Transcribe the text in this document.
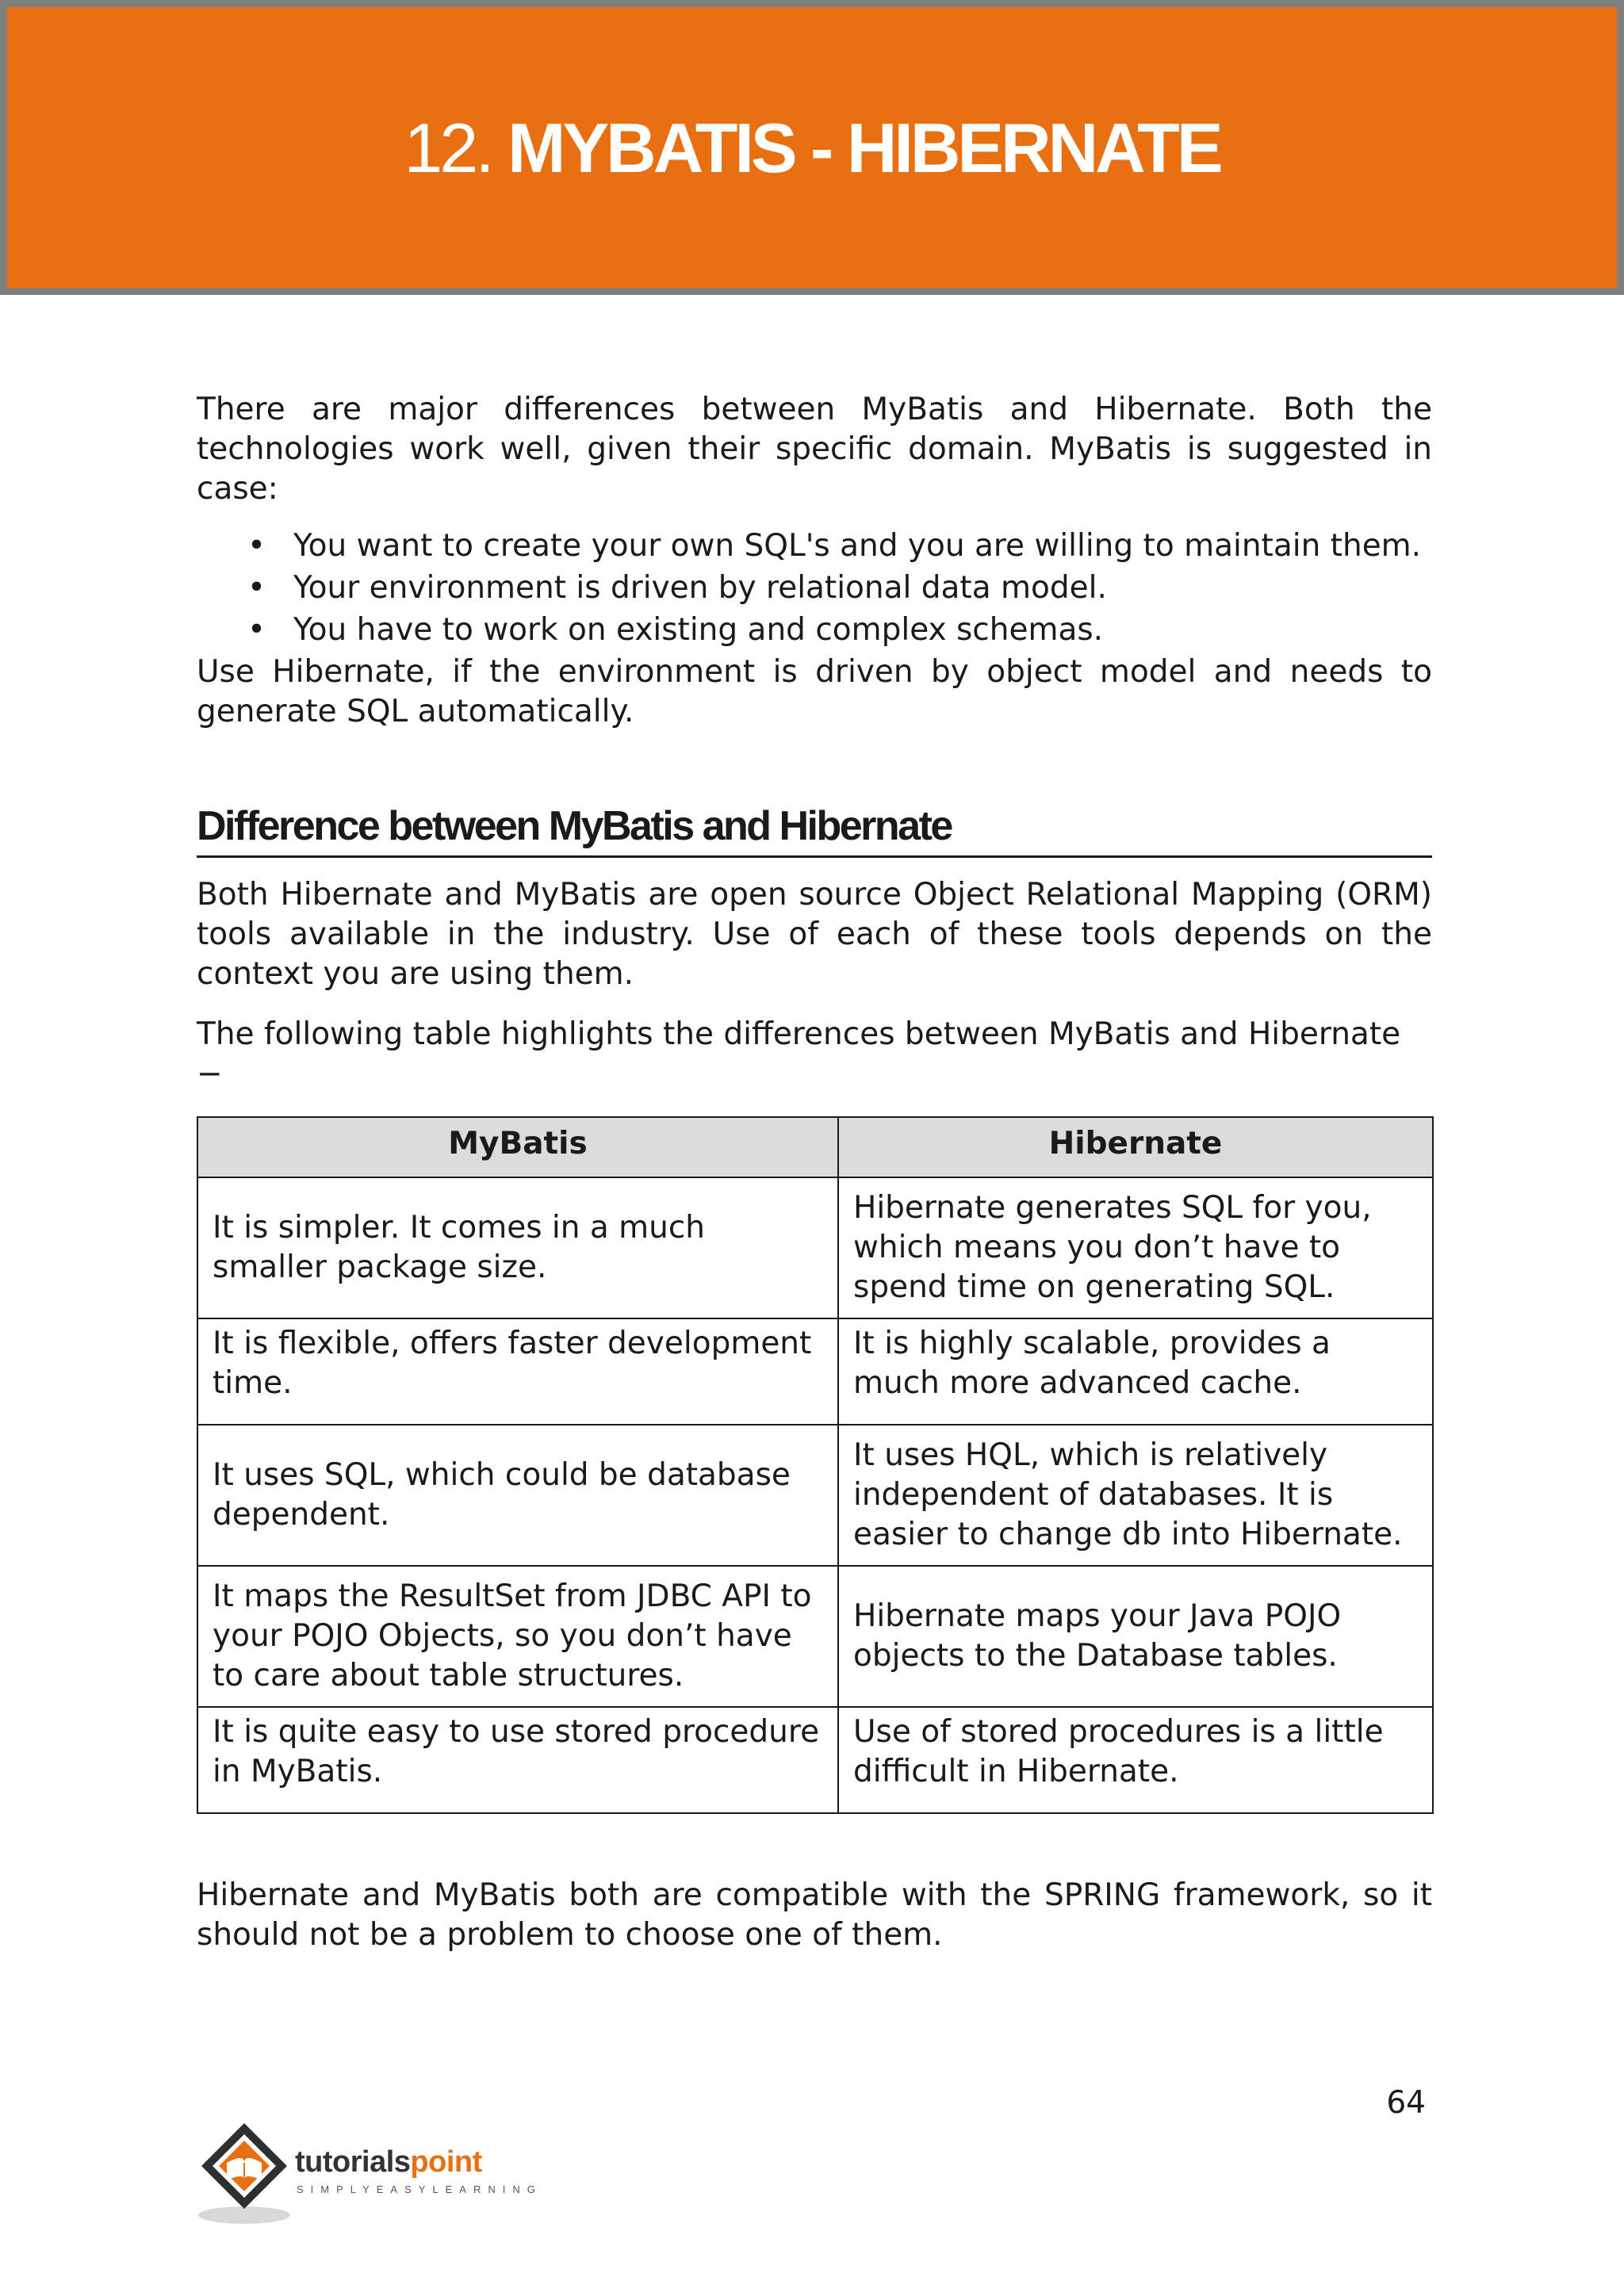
12. MYBATIS - HIBERNATE

There are major differences between MyBatis and Hibernate. Both the technologies work well, given their specific domain. MyBatis is suggested in case:

• You want to create your own SQL's and you are willing to maintain them.
• Your environment is driven by relational data model.
• You have to work on existing and complex schemas.

Use Hibernate, if the environment is driven by object model and needs to generate SQL automatically.

Difference between MyBatis and Hibernate

Both Hibernate and MyBatis are open source Object Relational Mapping (ORM) tools available in the industry. Use of each of these tools depends on the context you are using them.

The following table highlights the differences between MyBatis and Hibernate −

MyBatis	Hibernate
It is simpler. It comes in a much smaller package size.	Hibernate generates SQL for you, which means you don’t have to spend time on generating SQL.
It is flexible, offers faster development time.	It is highly scalable, provides a much more advanced cache.
It uses SQL, which could be database dependent.	It uses HQL, which is relatively independent of databases. It is easier to change db into Hibernate.
It maps the ResultSet from JDBC API to your POJO Objects, so you don’t have to care about table structures.	Hibernate maps your Java POJO objects to the Database tables.
It is quite easy to use stored procedure in MyBatis.	Use of stored procedures is a little difficult in Hibernate.

Hibernate and MyBatis both are compatible with the SPRING framework, so it should not be a problem to choose one of them.

64
tutorialspoint
SIMPLYEASYLEARNING
